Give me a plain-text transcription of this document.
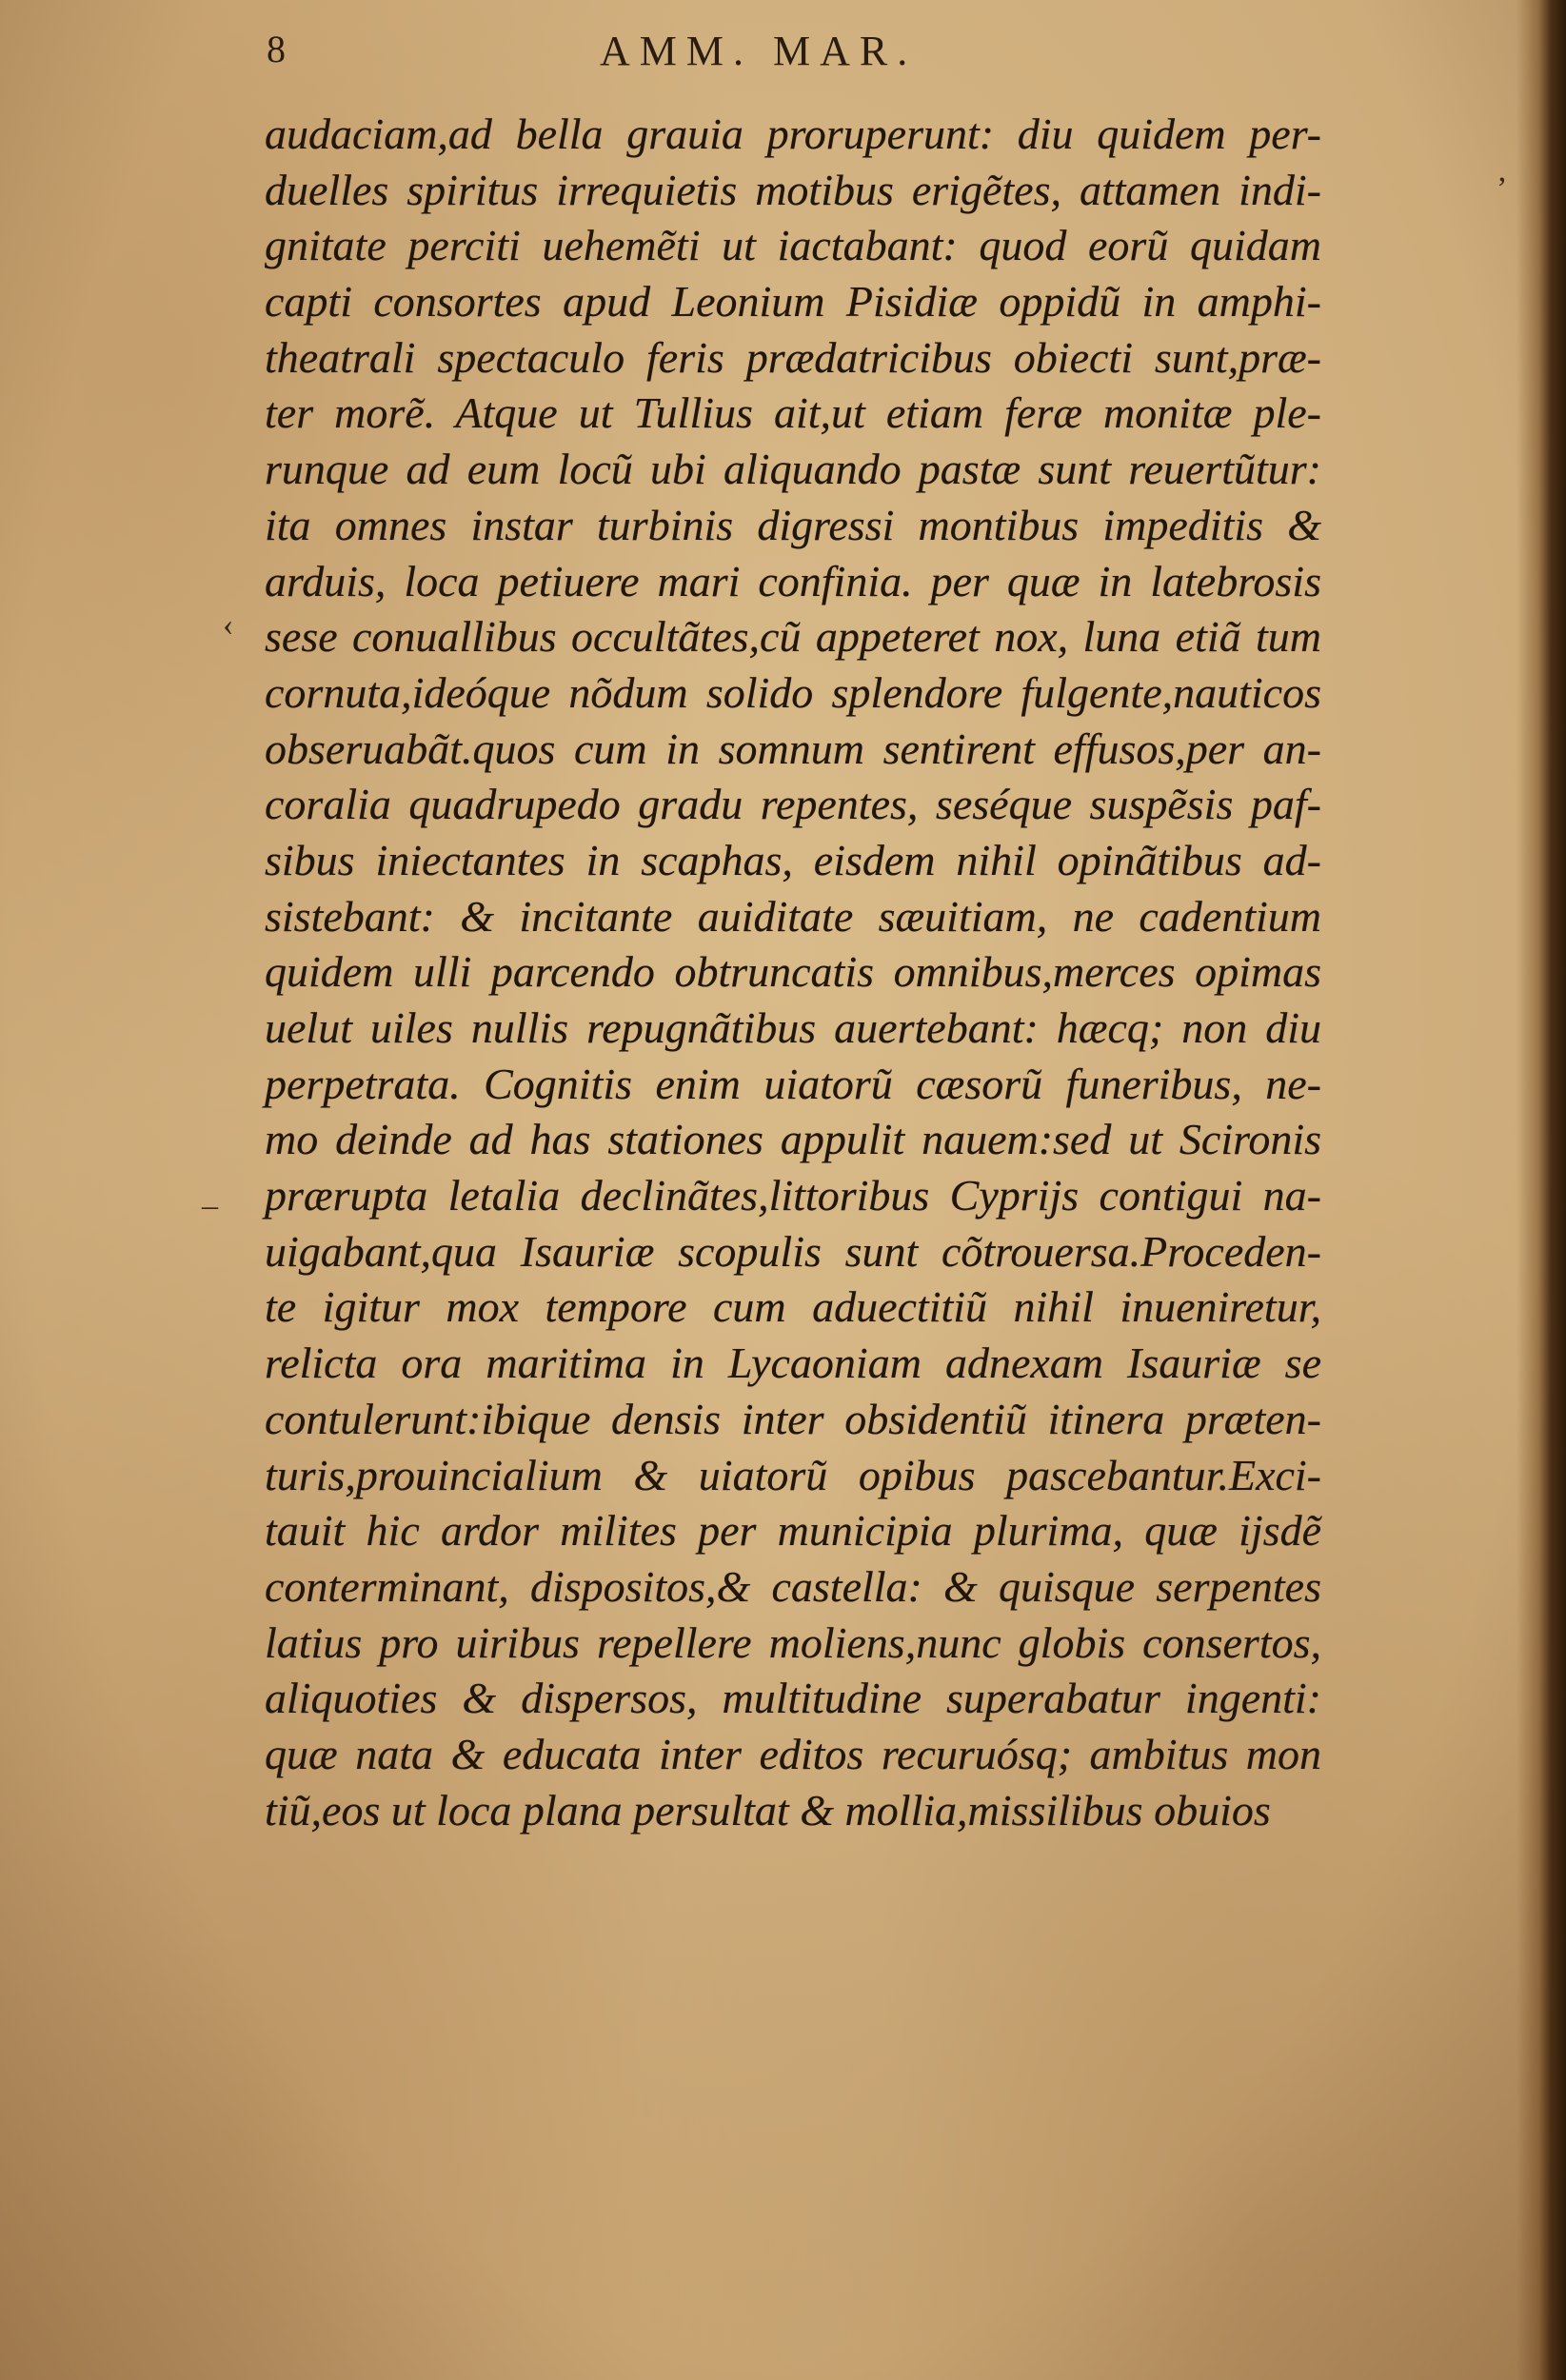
8	AMM. MAR.
audaciam,ad bella grauia proruperunt: diu quidem per-
duelles spiritus irrequietis motibus erigẽtes, attamen indi-
gnitate perciti uehemẽti ut iactabant: quod eorũ quidam
capti consortes apud Leonium Pisidiæ oppidũ in amphi-
theatrali spectaculo feris prædatricibus obiecti sunt,præ-
ter morẽ. Atque ut Tullius ait,ut etiam feræ monitæ ple-
runque ad eum locũ ubi aliquando pastæ sunt reuertũtur:
ita omnes instar turbinis digressi montibus impeditis &
arduis, loca petiuere mari confinia. per quæ in latebrosis
sese conuallibus occultãtes,cũ appeteret nox, luna etiã tum
cornuta,ideóque nõdum solido splendore fulgente,nauticos
obseruabãt.quos cum in somnum sentirent effusos,per an-
coralia quadrupedo gradu repentes, seséque suspẽsis paf-
sibus iniectantes in scaphas, eisdem nihil opinãtibus ad-
sistebant: & incitante auiditate sæuitiam, ne cadentium
quidem ulli parcendo obtruncatis omnibus,merces opimas
uelut uiles nullis repugnãtibus auertebant: hæcq; non diu
perpetrata. Cognitis enim uiatorũ cæsorũ funeribus, ne-
mo deinde ad has stationes appulit nauem:sed ut Scironis
prærupta letalia declinãtes,littoribus Cyprijs contigui na-
uigabant,qua Isauriæ scopulis sunt cõtrouersa.Proceden-
te igitur mox tempore cum aduectitiũ nihil inueniretur,
relicta ora maritima in Lycaoniam adnexam Isauriæ se
contulerunt:ibique densis inter obsidentiũ itinera præten-
turis,prouincialium & uiatorũ opibus pascebantur.Exci-
tauit hic ardor milites per municipia plurima, quæ ijsdẽ
conterminant, dispositos,& castella: & quisque serpentes
latius pro uiribus repellere moliens,nunc globis consertos,
aliquoties & dispersos, multitudine superabatur ingenti:
quæ nata & educata inter editos recuruósq; ambitus mon
tiũ,eos ut loca plana persultat & mollia,missilibus obuios
‹
–
ʼ
